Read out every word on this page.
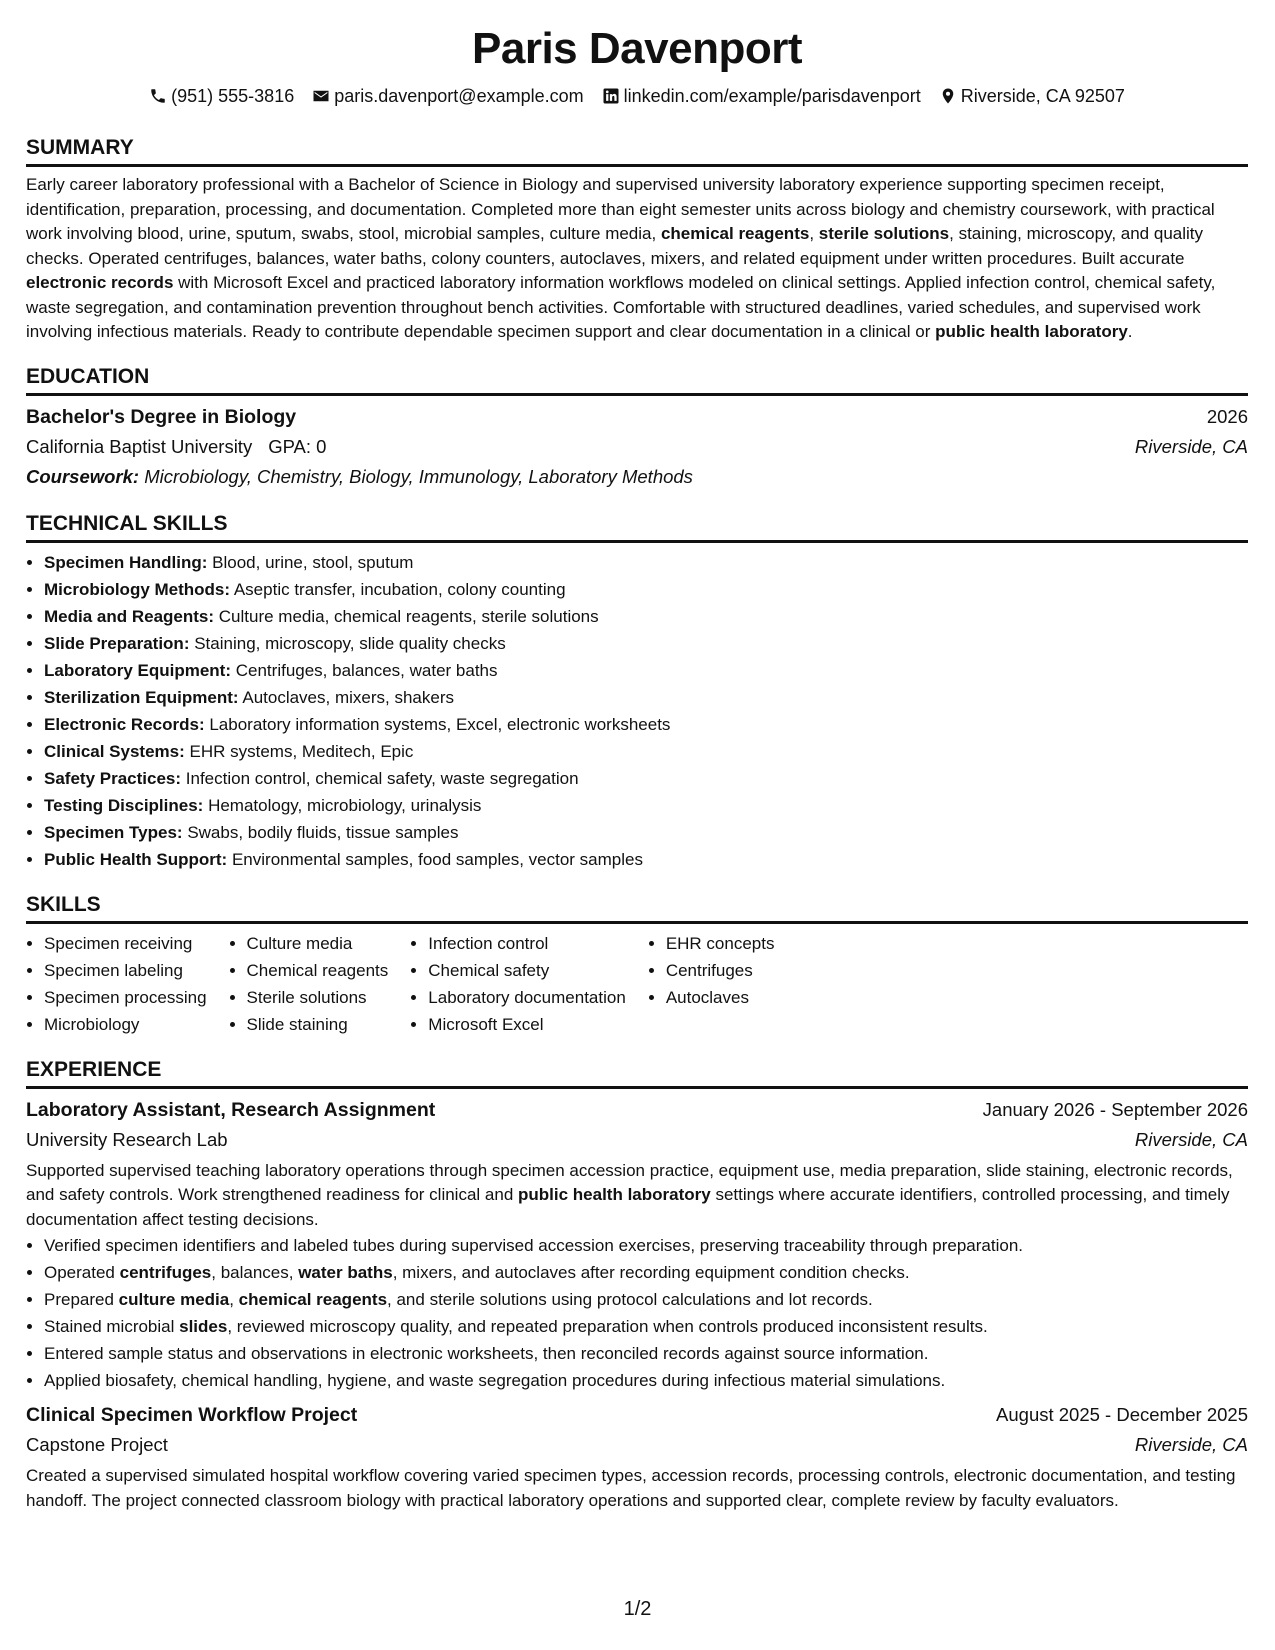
Paris Davenport
(951) 555-3816 paris.davenport@example.com linkedin.com/example/parisdavenport Riverside, CA 92507
SUMMARY

Early career laboratory professional with a Bachelor of Science in Biology and supervised university laboratory experience supporting specimen receipt, identification, preparation, processing, and documentation. Completed more than eight semester units across biology and chemistry coursework, with practical work involving blood, urine, sputum, swabs, stool, microbial samples, culture media, chemical reagents, sterile solutions, staining, microscopy, and quality checks. Operated centrifuges, balances, water baths, colony counters, autoclaves, mixers, and related equipment under written procedures. Built accurate electronic records with Microsoft Excel and practiced laboratory information workflows modeled on clinical settings. Applied infection control, chemical safety, waste segregation, and contamination prevention throughout bench activities. Comfortable with structured deadlines, varied schedules, and supervised work involving infectious materials. Ready to contribute dependable specimen support and clear documentation in a clinical or public health laboratory.

EDUCATION
Bachelor's Degree in Biology	2026
California Baptist University GPA: 0	Riverside, CA
Coursework: Microbiology, Chemistry, Biology, Immunology, Laboratory Methods
TECHNICAL SKILLS
• Specimen Handling: Blood, urine, stool, sputum
• Microbiology Methods: Aseptic transfer, incubation, colony counting
• Media and Reagents: Culture media, chemical reagents, sterile solutions
• Slide Preparation: Staining, microscopy, slide quality checks
• Laboratory Equipment: Centrifuges, balances, water baths
• Sterilization Equipment: Autoclaves, mixers, shakers
• Electronic Records: Laboratory information systems, Excel, electronic worksheets
• Clinical Systems: EHR systems, Meditech, Epic
• Safety Practices: Infection control, chemical safety, waste segregation
• Testing Disciplines: Hematology, microbiology, urinalysis
• Specimen Types: Swabs, bodily fluids, tissue samples
• Public Health Support: Environmental samples, food samples, vector samples
SKILLS
• Specimen receiving
• Specimen labeling
• Specimen processing
• Microbiology
• Culture media
• Chemical reagents
• Sterile solutions
• Slide staining
• Infection control
• Chemical safety
• Laboratory documentation
• Microsoft Excel
• EHR concepts
• Centrifuges
• Autoclaves
EXPERIENCE
Laboratory Assistant, Research Assignment	January 2026 - September 2026
University Research Lab	Riverside, CA

Supported supervised teaching laboratory operations through specimen accession practice, equipment use, media preparation, slide staining, electronic records, and safety controls. Work strengthened readiness for clinical and public health laboratory settings where accurate identifiers, controlled processing, and timely documentation affect testing decisions.

• Verified specimen identifiers and labeled tubes during supervised accession exercises, preserving traceability through preparation.
• Operated centrifuges, balances, water baths, mixers, and autoclaves after recording equipment condition checks.
• Prepared culture media, chemical reagents, and sterile solutions using protocol calculations and lot records.
• Stained microbial slides, reviewed microscopy quality, and repeated preparation when controls produced inconsistent results.
• Entered sample status and observations in electronic worksheets, then reconciled records against source information.
• Applied biosafety, chemical handling, hygiene, and waste segregation procedures during infectious material simulations.
Clinical Specimen Workflow Project	August 2025 - December 2025
Capstone Project	Riverside, CA

Created a supervised simulated hospital workflow covering varied specimen types, accession records, processing controls, electronic documentation, and testing handoff. The project connected classroom biology with practical laboratory operations and supported clear, complete review by faculty evaluators.

1/2
